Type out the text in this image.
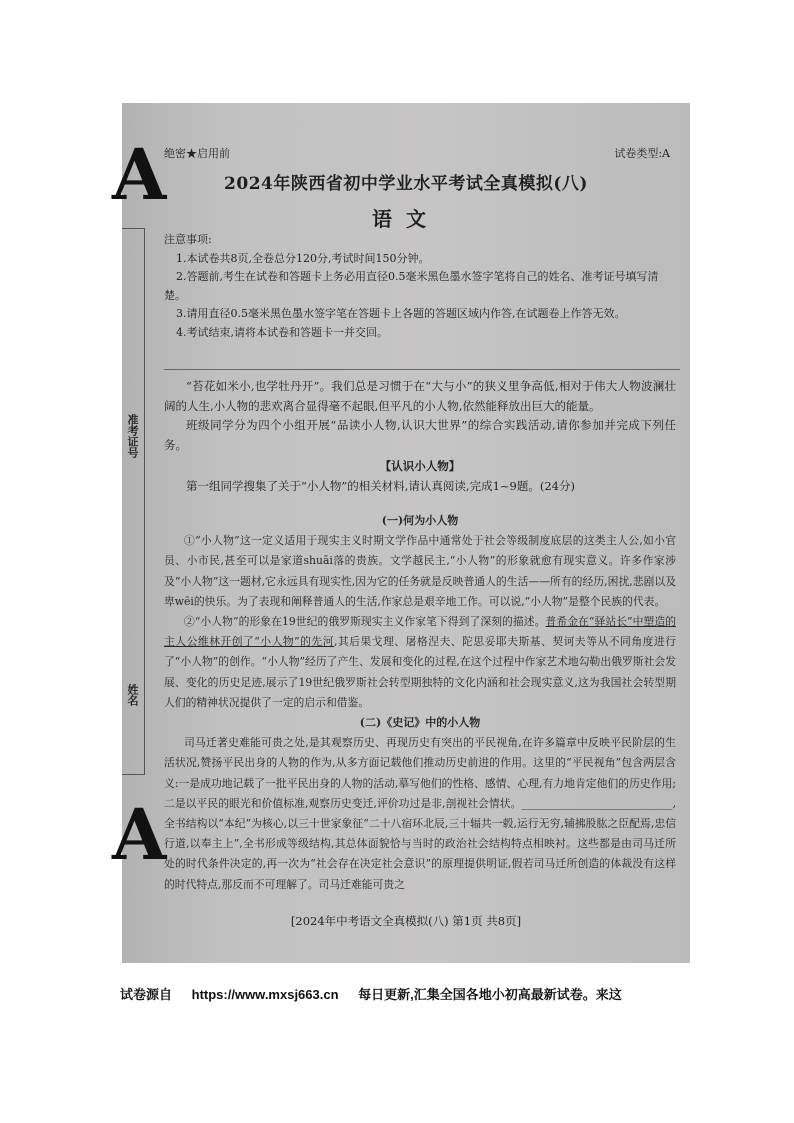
A
A
准考证号
姓名
绝密★启用前	试卷类型:A
2024年陕西省初中学业水平考试全真模拟(八)
语文

注意事项:

1.本试卷共8页,全卷总分120分,考试时间150分钟。

2.答题前,考生在试卷和答题卡上务必用直径0.5毫米黑色墨水签字笔将自己的姓名、准考证号填写清楚。

3.请用直径0.5毫米黑色墨水签字笔在答题卡上各题的答题区域内作答,在试题卷上作答无效。

4.考试结束,请将本试卷和答题卡一并交回。

“苔花如米小,也学牡丹开”。我们总是习惯于在“大与小”的狭义里争高低,相对于伟大人物波澜壮阔的人生,小人物的悲欢离合显得毫不起眼,但平凡的小人物,依然能释放出巨大的能量。

班级同学分为四个小组开展“品读小人物,认识大世界”的综合实践活动,请你参加并完成下列任务。

【认识小人物】

第一组同学搜集了关于“小人物”的相关材料,请认真阅读,完成1~9题。(24分)

(一)何为小人物

①“小人物”这一定义适用于现实主义时期文学作品中通常处于社会等级制度底层的这类主人公,如小官员、小市民,甚至可以是家道shuāi落的贵族。文学越民主,“小人物”的形象就愈有现实意义。许多作家涉及“小人物”这一题材,它永远具有现实性,因为它的任务就是反映普通人的生活——所有的经历,困扰,悲剧以及卑wēi的快乐。为了表现和阐释普通人的生活,作家总是艰辛地工作。可以说,“小人物”是整个民族的代表。

②“小人物”的形象在19世纪的俄罗斯现实主义作家笔下得到了深刻的描述。普希金在“驿站长”中塑造的主人公维林开创了“小人物”的先河,其后果戈理、屠格涅夫、陀思妥耶夫斯基、契诃夫等从不同角度进行了“小人物”的创作。“小人物”经历了产生、发展和变化的过程,在这个过程中作家艺术地勾勒出俄罗斯社会发展、变化的历史足迹,展示了19世纪俄罗斯社会转型期独特的文化内涵和社会现实意义,这为我国社会转型期人们的精神状况提供了一定的启示和借鉴。

(二)《史记》中的小人物

司马迁著史难能可贵之处,是其观察历史、再现历史有突出的平民视角,在许多篇章中反映平民阶层的生活状况,赞扬平民出身的人物的作为,从多方面记载他们推动历史前进的作用。这里的“平民视角”包含两层含义:一是成功地记载了一批平民出身的人物的活动,摹写他们的性格、感情、心理,有力地肯定他们的历史作用;二是以平民的眼光和价值标准,观察历史变迁,评价功过是非,剖视社会情状。____________________________,全书结构以“本纪”为核心,以三十世家象征“二十八宿环北辰,三十辐共一毂,运行无穷,辅拂股肱之臣配焉,忠信行道,以奉主上”,全书形成等级结构,其总体面貌恰与当时的政治社会结构特点相映衬。这些都是由司马迁所处的时代条件决定的,再一次为“社会存在决定社会意识”的原理提供明证,假若司马迁所创造的体裁没有这样的时代特点,那反而不可理解了。司马迁难能可贵之

[2024年中考语文全真模拟(八) 第1页 共8页]
试卷源自 https://www.mxsj663.cn 每日更新,汇集全国各地小初高最新试卷。来这
